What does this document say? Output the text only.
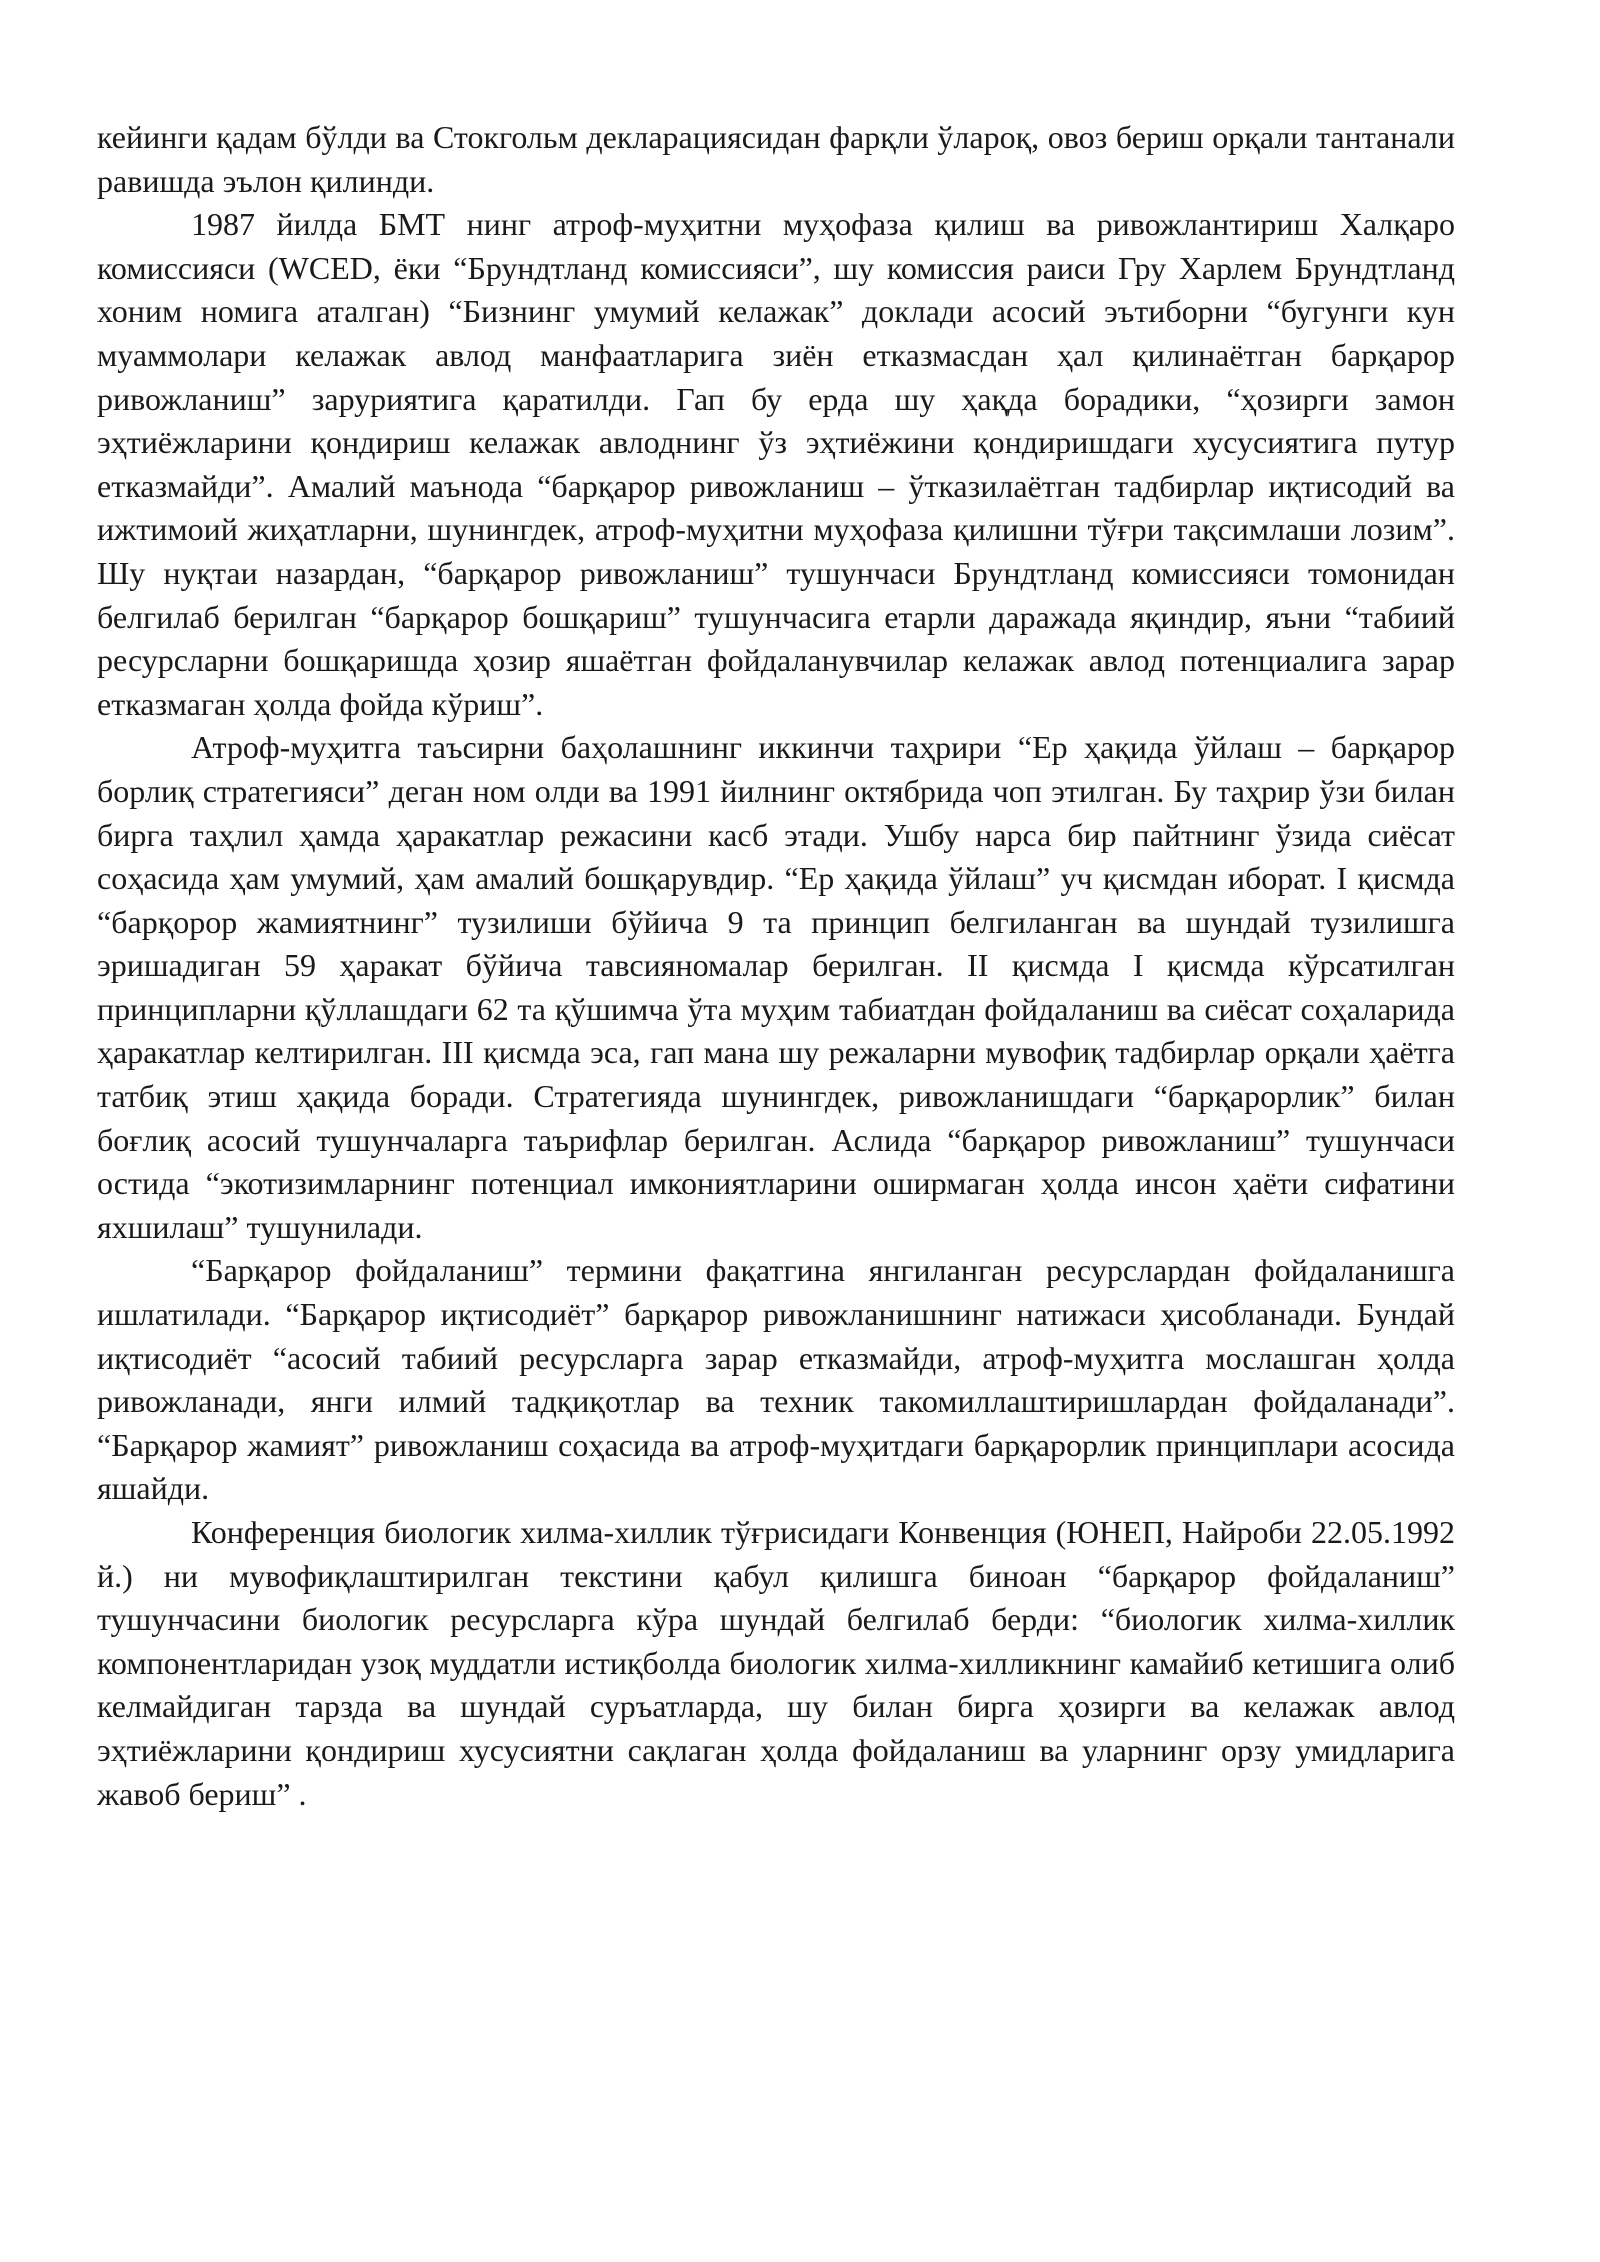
кейинги қадам бўлди ва Стокгольм декларациясидан фарқли ўлароқ, овоз бериш орқали тантанали равишда эълон қилинди.

1987 йилда БМТ нинг атроф-муҳитни муҳофаза қилиш ва ривожлантириш Халқаро комиссияси (WCED, ёки “Брундтланд комиссияси”, шу комиссия раиси Гру Харлем Брундтланд хоним номига аталган) “Бизнинг умумий келажак” доклади асосий эътиборни “бугунги кун муаммолари келажак авлод манфаатларига зиён етказмасдан ҳал қилинаётган барқарор ривожланиш” заруриятига қаратилди. Гап бу ерда шу ҳақда борадики, “ҳозирги замон эҳтиёжларини қондириш келажак авлоднинг ўз эҳтиёжини қондиришдаги хусусиятига путур етказмайди”. Амалий маънода “барқарор ривожланиш – ўтказилаётган тадбирлар иқтисодий ва ижтимоий жиҳатларни, шунингдек, атроф-муҳитни муҳофаза қилишни тўғри тақсимлаши лозим”. Шу нуқтаи назардан, “барқарор ривожланиш” тушунчаси Брундтланд комиссияси томонидан белгилаб берилган “барқарор бошқариш” тушунчасига етарли даражада яқиндир, яъни “табиий ресурсларни бошқаришда ҳозир яшаётган фойдаланувчилар келажак авлод потенциалига зарар етказмаган ҳолда фойда кўриш”.

Атроф-муҳитга таъсирни баҳолашнинг иккинчи таҳрири “Ер ҳақида ўйлаш – барқарор борлиқ стратегияси” деган ном олди ва 1991 йилнинг октябрида чоп этилган. Бу таҳрир ўзи билан бирга таҳлил ҳамда ҳаракатлар режасини касб этади. Ушбу нарса бир пайтнинг ўзида сиёсат соҳасида ҳам умумий, ҳам амалий бошқарувдир. “Ер ҳақида ўйлаш” уч қисмдан иборат. I қисмда “барқорор жамиятнинг” тузилиши бўйича 9 та принцип белгиланган ва шундай тузилишга эришадиган 59 ҳаракат бўйича тавсияномалар берилган. II қисмда I қисмда кўрсатилган принципларни қўллашдаги 62 та қўшимча ўта муҳим табиатдан фойдаланиш ва сиёсат соҳаларида ҳаракатлар келтирилган. III қисмда эса, гап мана шу режаларни мувофиқ тадбирлар орқали ҳаётга татбиқ этиш ҳақида боради. Стратегияда шунингдек, ривожланишдаги “барқарорлик” билан боғлиқ асосий тушунчаларга таърифлар берилган. Аслида “барқарор ривожланиш” тушунчаси остида “экотизимларнинг потенциал имкониятларини оширмаган ҳолда инсон ҳаёти сифатини яхшилаш” тушунилади.

“Барқарор фойдаланиш” термини фақатгина янгиланган ресурслардан фойдаланишга ишлатилади. “Барқарор иқтисодиёт” барқарор ривожланишнинг натижаси ҳисобланади. Бундай иқтисодиёт “асосий табиий ресурсларга зарар етказмайди, атроф-муҳитга мослашган ҳолда ривожланади, янги илмий тадқиқотлар ва техник такомиллаштиришлардан фойдаланади”. “Барқарор жамият” ривожланиш соҳасида ва атроф-муҳитдаги барқарорлик принциплари асосида яшайди.

Конференция биологик хилма-хиллик тўғрисидаги Конвенция (ЮНЕП, Найроби 22.05.1992 й.) ни мувофиқлаштирилган текстини қабул қилишга биноан “барқарор фойдаланиш” тушунчасини биологик ресурсларга кўра шундай белгилаб берди: “биологик хилма-хиллик компонентларидан узоқ муддатли истиқболда биологик хилма-хилликнинг камайиб кетишига олиб келмайдиган тарзда ва шундай суръатларда, шу билан бирга ҳозирги ва келажак авлод эҳтиёжларини қондириш хусусиятни сақлаган ҳолда фойдаланиш ва уларнинг орзу умидларига жавоб бериш” .
